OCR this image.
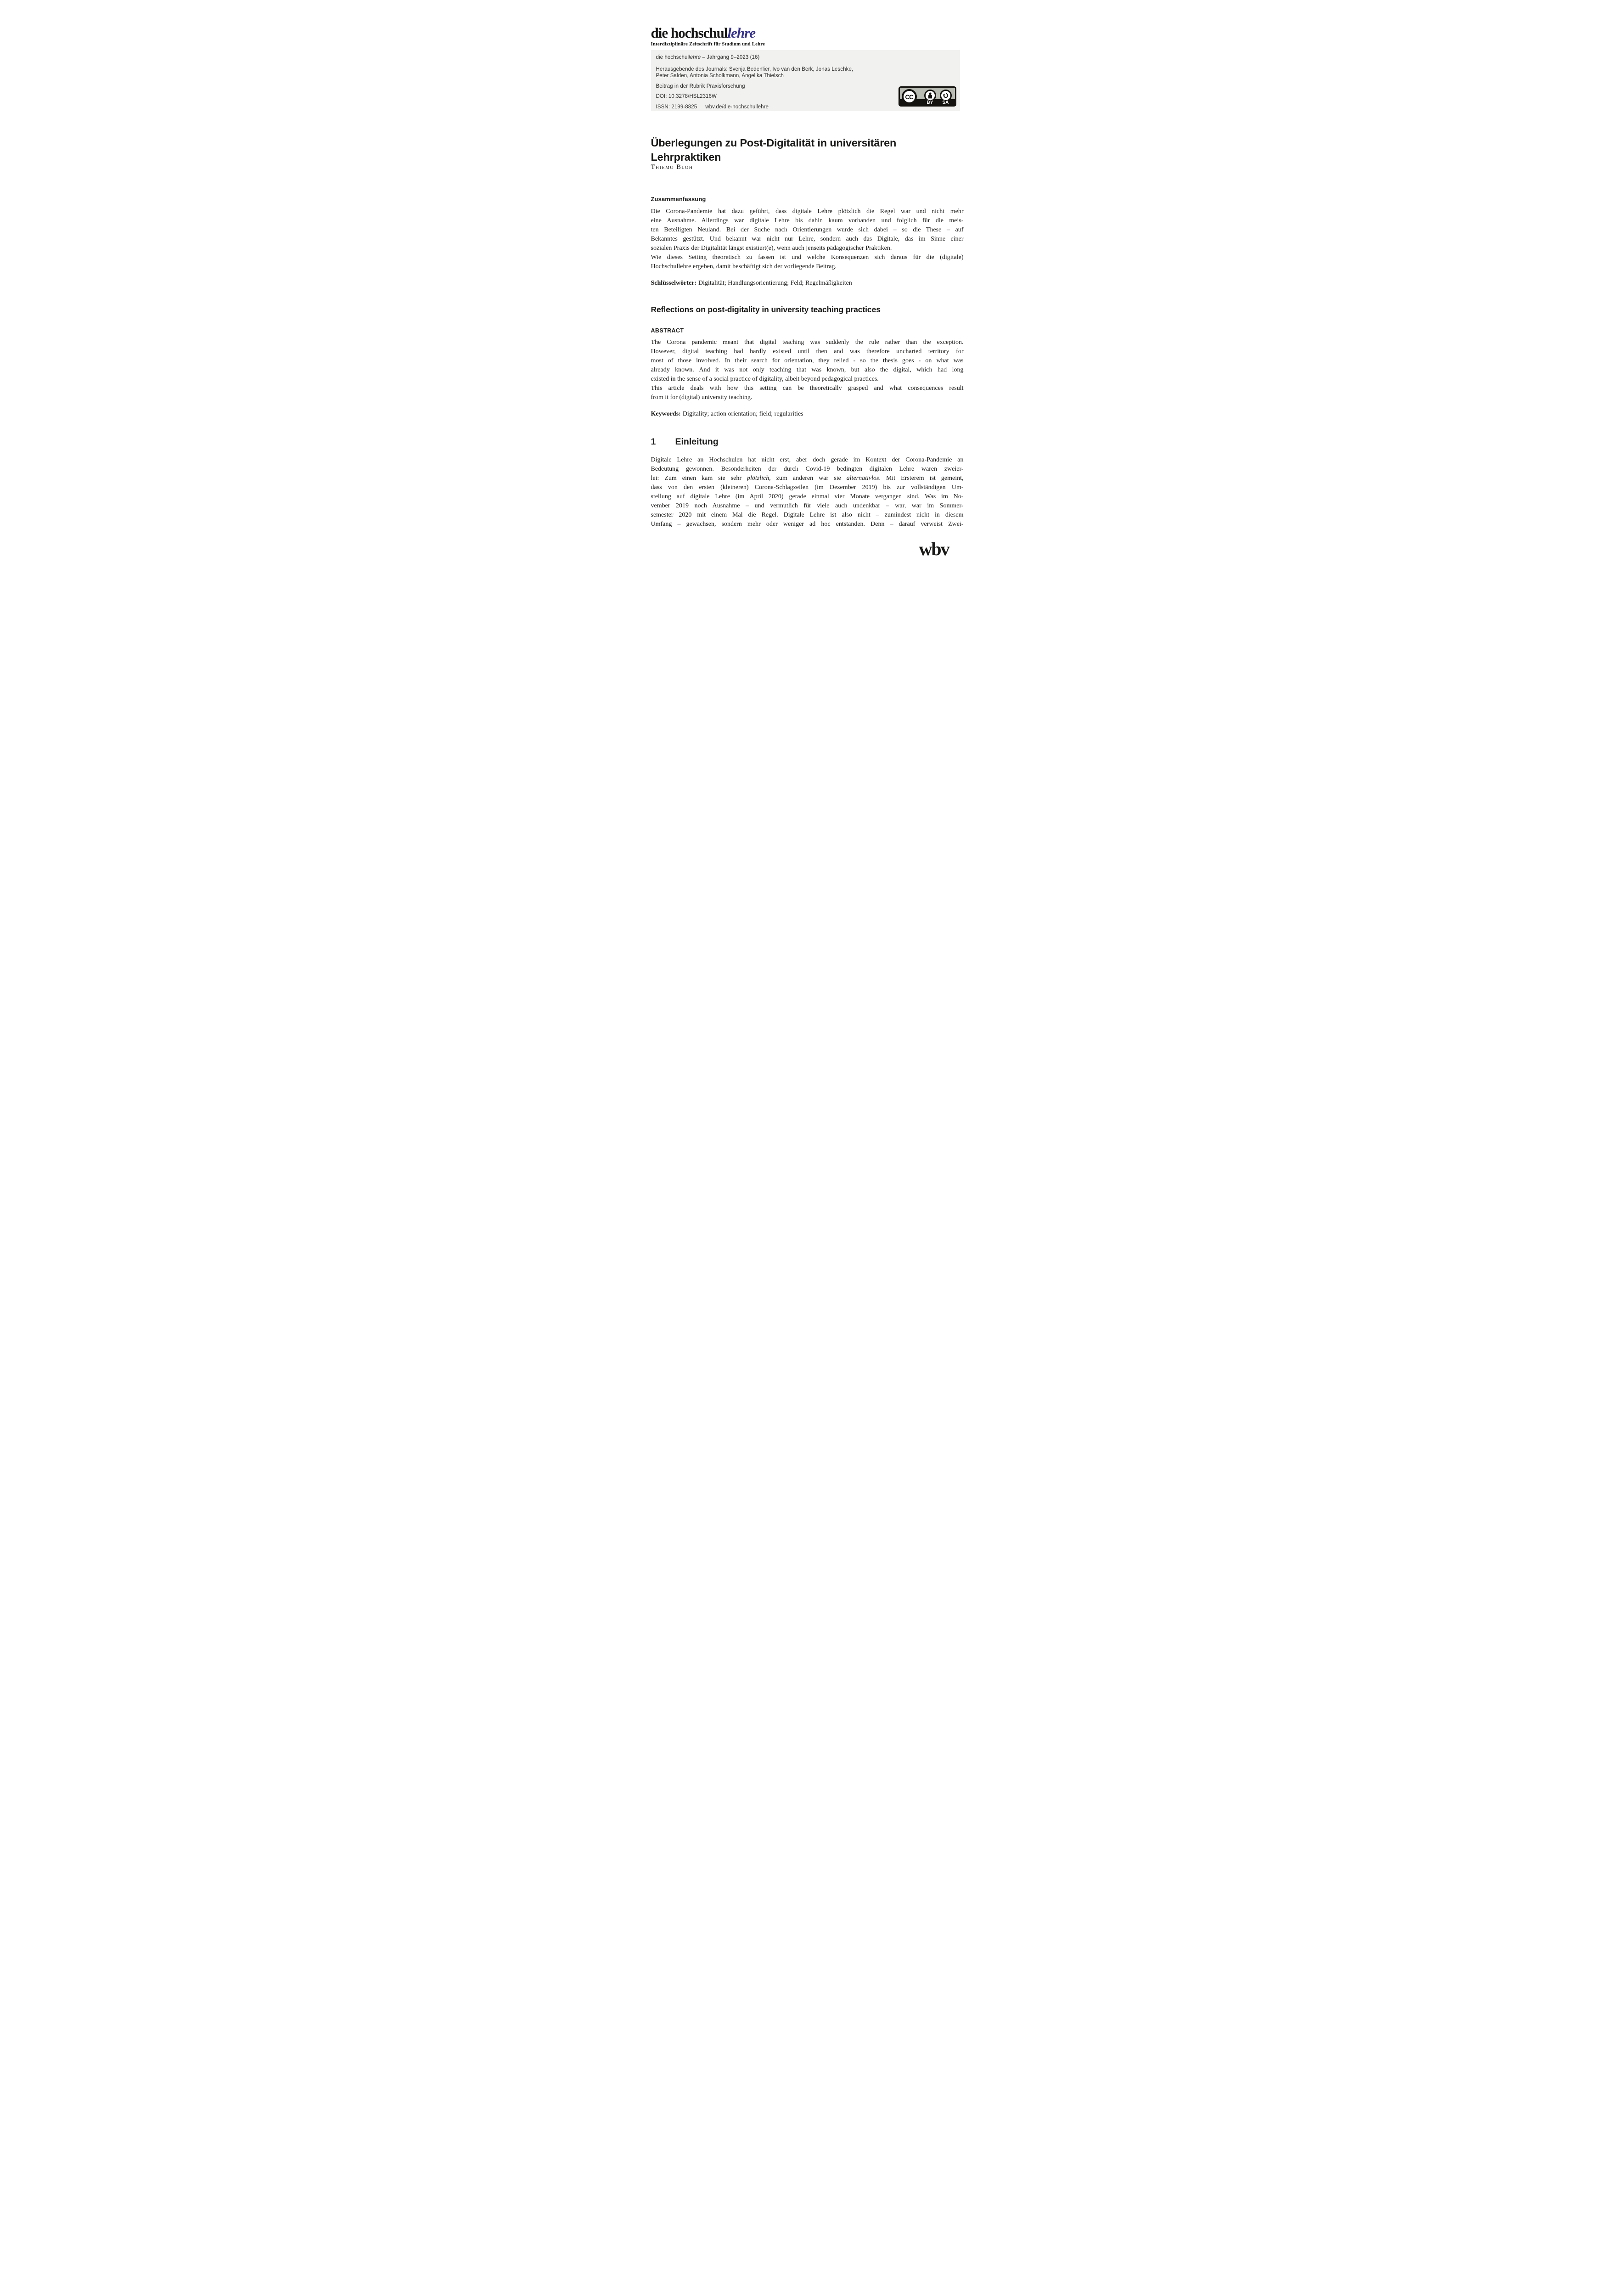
die hochschullehre
Interdisziplinäre Zeitschrift für Studium und Lehre
die hochschullehre – Jahrgang 9–2023 (16)
Herausgebende des Journals: Svenja Bedenlier, Ivo van den Berk, Jonas Leschke,
Peter Salden, Antonia Scholkmann, Angelika Thielsch
Beitrag in der Rubrik Praxisforschung
DOI: 10.3278/HSL2316W
ISSN: 2199-8825 wbv.de/die-hochschullehre
CC
BY SA
Überlegungen zu Post-Digitalität in universitären
Lehrpraktiken
Thiemo Bloh
Zusammenfassung
Die Corona-Pandemie hat dazu geführt, dass digitale Lehre plötzlich die Regel war und nicht mehr
eine Ausnahme. Allerdings war digitale Lehre bis dahin kaum vorhanden und folglich für die meis-
ten Beteiligten Neuland. Bei der Suche nach Orientierungen wurde sich dabei – so die These – auf
Bekanntes gestützt. Und bekannt war nicht nur Lehre, sondern auch das Digitale, das im Sinne einer
sozialen Praxis der Digitalität längst existiert(e), wenn auch jenseits pädagogischer Praktiken.
Wie dieses Setting theoretisch zu fassen ist und welche Konsequenzen sich daraus für die (digitale)
Hochschullehre ergeben, damit beschäftigt sich der vorliegende Beitrag.
Schlüsselwörter: Digitalität; Handlungsorientierung; Feld; Regelmäßigkeiten
Reflections on post-digitality in university teaching practices
ABSTRACT
The Corona pandemic meant that digital teaching was suddenly the rule rather than the exception.
However, digital teaching had hardly existed until then and was therefore uncharted territory for
most of those involved. In their search for orientation, they relied - so the thesis goes - on what was
already known. And it was not only teaching that was known, but also the digital, which had long
existed in the sense of a social practice of digitality, albeit beyond pedagogical practices.
This article deals with how this setting can be theoretically grasped and what consequences result
from it for (digital) university teaching.
Keywords: Digitality; action orientation; field; regularities
1 Einleitung
Digitale Lehre an Hochschulen hat nicht erst, aber doch gerade im Kontext der Corona-Pandemie an
Bedeutung gewonnen. Besonderheiten der durch Covid-19 bedingten digitalen Lehre waren zweier-
lei: Zum einen kam sie sehr plötzlich, zum anderen war sie alternativlos. Mit Ersterem ist gemeint,
dass von den ersten (kleineren) Corona-Schlagzeilen (im Dezember 2019) bis zur vollständigen Um-
stellung auf digitale Lehre (im April 2020) gerade einmal vier Monate vergangen sind. Was im No-
vember 2019 noch Ausnahme – und vermutlich für viele auch undenkbar – war, war im Sommer-
semester 2020 mit einem Mal die Regel. Digitale Lehre ist also nicht – zumindest nicht in diesem
Umfang – gewachsen, sondern mehr oder weniger ad hoc entstanden. Denn – darauf verweist Zwei-
wbv
